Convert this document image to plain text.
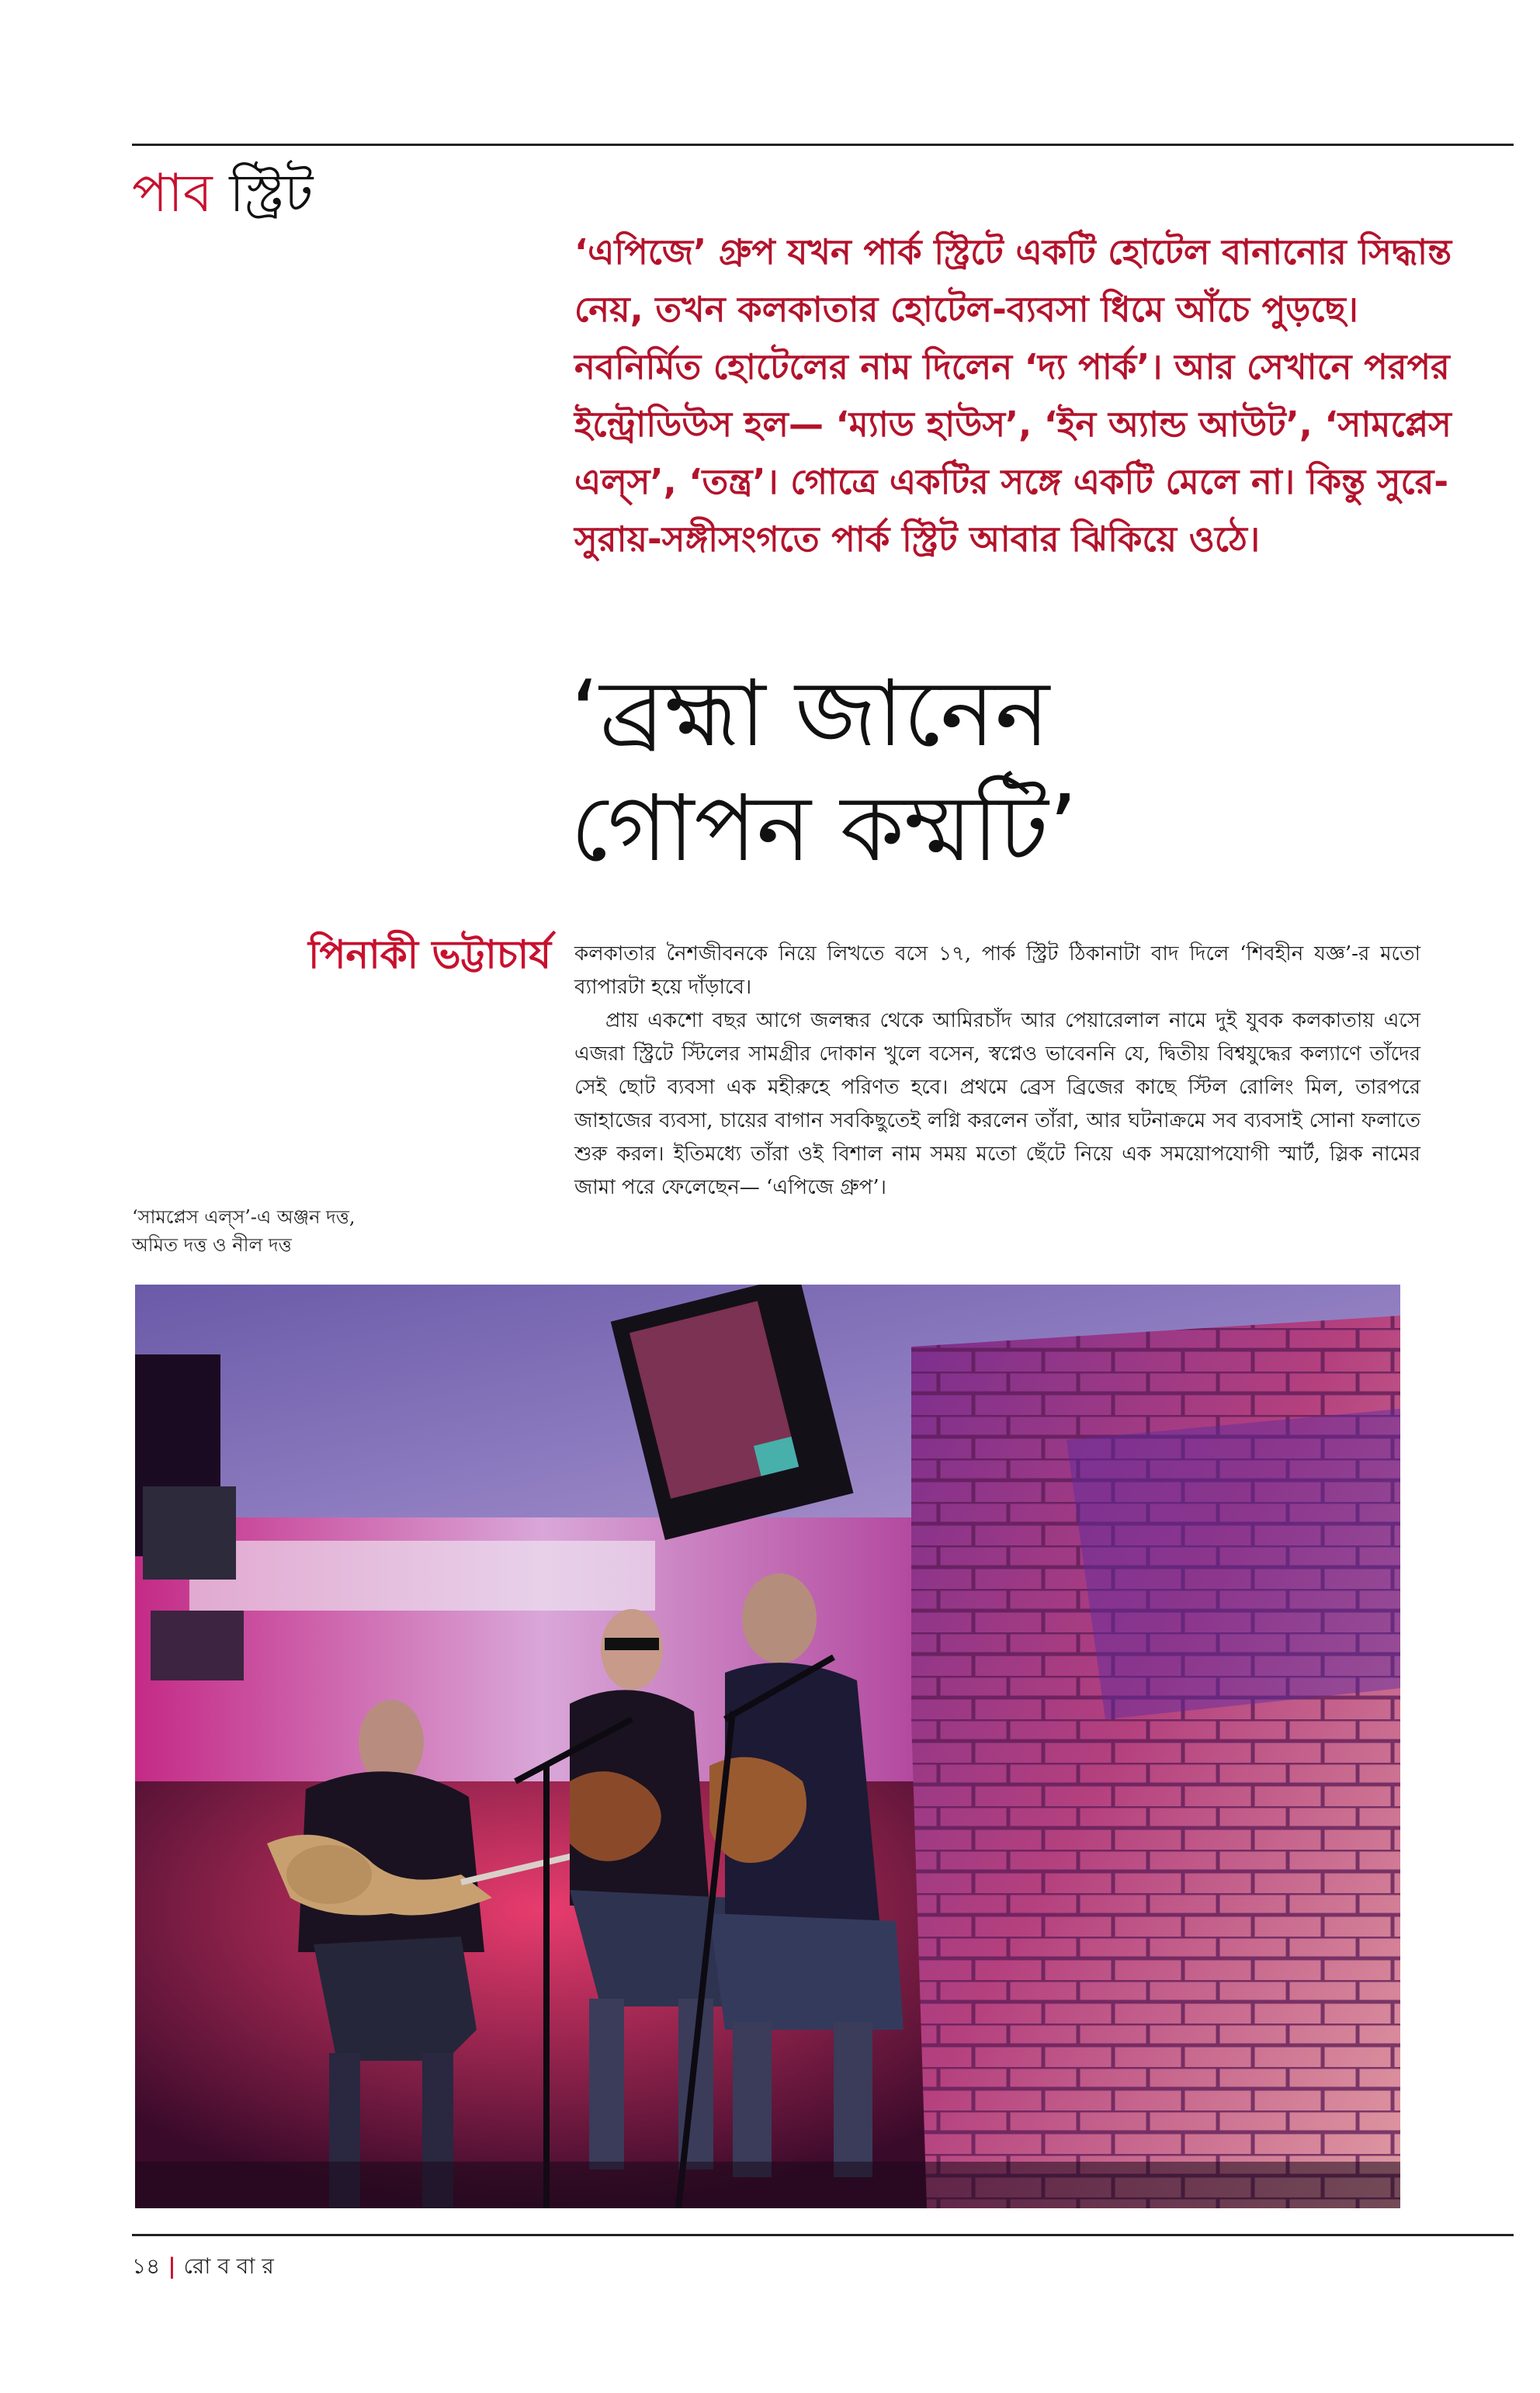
পাব স্ট্রিট

‘এপিজে’ গ্রুপ যখন পার্ক স্ট্রিটে একটি হোটেল বানানোর সিদ্ধান্ত নেয়, তখন কলকাতার হোটেল-ব্যবসা ধিমে আঁচে পুড়ছে। নবনির্মিত হোটেলের নাম দিলেন ‘দ্য পার্ক’। আর সেখানে পরপর ইন্ট্রোডিউস হল— ‘ম্যাড হাউস’, ‘ইন অ্যান্ড আউট’, ‘সামপ্লেস এল্‌স’, ‘তন্ত্র’। গোত্রে একটির সঙ্গে একটি মেলে না। কিন্তু সুরে-সুরায়-সঙ্গীসংগতে পার্ক স্ট্রিট আবার ঝিকিয়ে ওঠে।

‘ব্রহ্মা জানেন
গোপন কম্মটি’
পিনাকী ভট্টাচার্য কলকাতার নৈশজীবনকে নিয়ে লিখতে বসে ১৭, পার্ক স্ট্রিট ঠিকানাটা বাদ দিলে ‘শিবহীন যজ্ঞ’-র মতো ব্যাপারটা হয়ে দাঁড়াবে।

প্রায় একশো বছর আগে জলন্ধর থেকে আমিরচাঁদ আর পেয়ারেলাল নামে দুই যুবক কলকাতায় এসে এজরা স্ট্রিটে স্টিলের সামগ্রীর দোকান খুলে বসেন, স্বপ্নেও ভাবেননি যে, দ্বিতীয় বিশ্বযুদ্ধের কল্যাণে তাঁদের সেই ছোট ব্যবসা এক মহীরুহে পরিণত হবে। প্রথমে ব্রেস ব্রিজের কাছে স্টিল রোলিং মিল, তারপরে জাহাজের ব্যবসা, চায়ের বাগান সবকিছুতেই লগ্নি করলেন তাঁরা, আর ঘটনাক্রমে সব ব্যবসাই সোনা ফলাতে শুরু করল। ইতিমধ্যে তাঁরা ওই বিশাল নাম সময় মতো ছেঁটে নিয়ে এক সময়োপযোগী স্মার্ট, স্লিক নামের জামা পরে ফেলেছেন— ‘এপিজে গ্রুপ’।

‘সামপ্লেস এল্‌স’-এ অঞ্জন দত্ত,
অমিত দত্ত ও নীল দত্ত
১৪ | রো ব বা র
